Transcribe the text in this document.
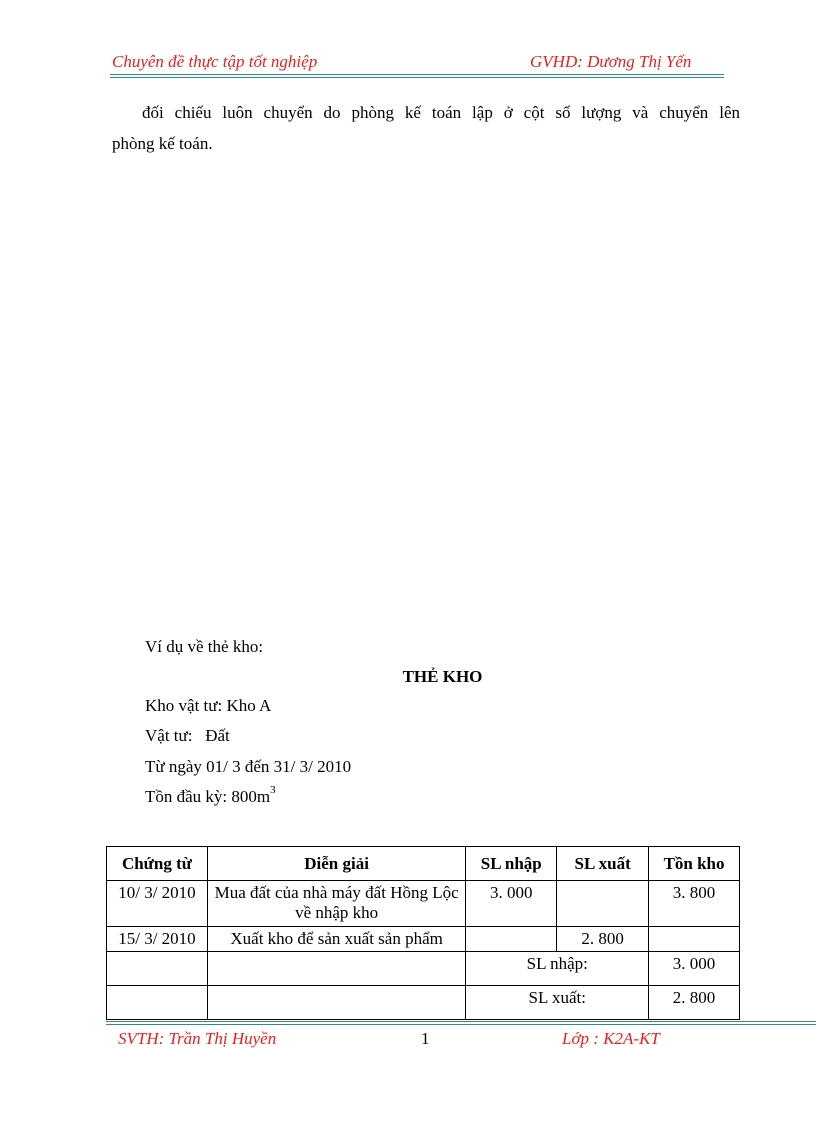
Chuyên đề thực tập tốt nghiệp	GVHD: Dương Thị Yến

đối chiếu luôn chuyển do phòng kế toán lập ở cột số lượng và chuyển lên

phòng kế toán.

Ví dụ về thẻ kho:
THẺ KHO
Kho vật tư: Kho A
Vật tư:   Đất
Từ ngày 01/ 3 đến 31/ 3/ 2010
Tồn đầu kỳ: $800m^3$
Chứng từ	Diễn giải	SL nhập	SL xuất	Tồn kho
10/ 3/ 2010	Mua đất của nhà máy đất Hồng Lộc về nhập kho	3. 000		3. 800
15/ 3/ 2010	Xuất kho để sản xuất sản phẩm		2. 800	
		SL nhập:		3. 000
		SL xuất:		2. 800
SVTH: Trần Thị Huyền	1	Lớp : K2A-KT
